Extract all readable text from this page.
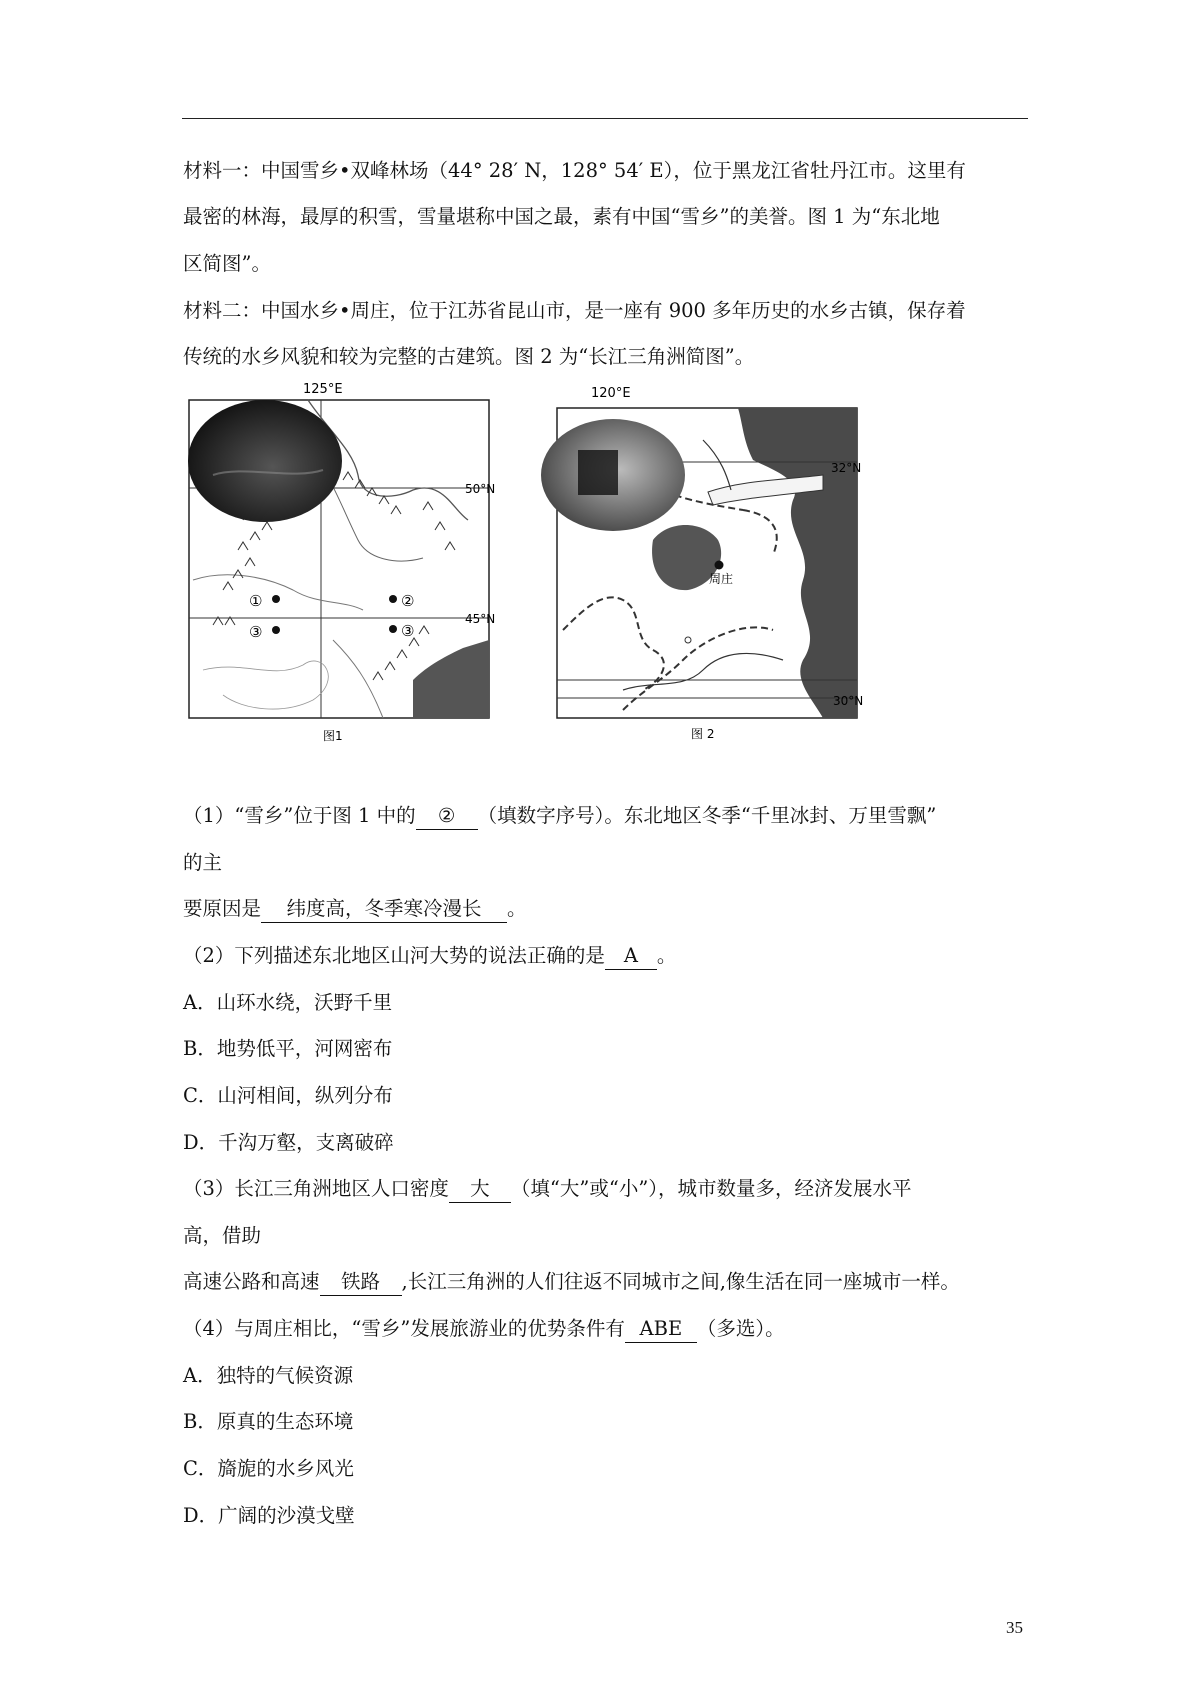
材料一：中国雪乡•双峰林场（44° 28′ N，128° 54′ E），位于黑龙江省牡丹江市。这里有
最密的林海，最厚的积雪，雪量堪称中国之最，素有中国“雪乡”的美誉。图 1 为“东北地
区简图”。
材料二：中国水乡•周庄，位于江苏省昆山市，是一座有 900 多年历史的水乡古镇，保存着
传统的水乡风貌和较为完整的古建筑。图 2 为“长江三角洲简图”。
①
③
②
③
125°E
50°N
45°N
图1
周庄
120°E
32°N
30°N
图 2
（1）“雪乡”位于图 1 中的 ② （填数字序号）。东北地区冬季“千里冰封、万里雪飘”
的主
要原因是 纬度高，冬季寒冷漫长 。
（2）下列描述东北地区山河大势的说法正确的是 A 。
A．山环水绕，沃野千里
B．地势低平，河网密布
C．山河相间，纵列分布
D．千沟万壑，支离破碎
（3）长江三角洲地区人口密度 大 （填“大”或“小”），城市数量多，经济发展水平
高，借助
高速公路和高速 铁路 ,长江三角洲的人们往返不同城市之间,像生活在同一座城市一样。
（4）与周庄相比，“雪乡”发展旅游业的优势条件有 ABE （多选）。
A．独特的气候资源
B．原真的生态环境
C．旖旎的水乡风光
D．广阔的沙漠戈壁
35
